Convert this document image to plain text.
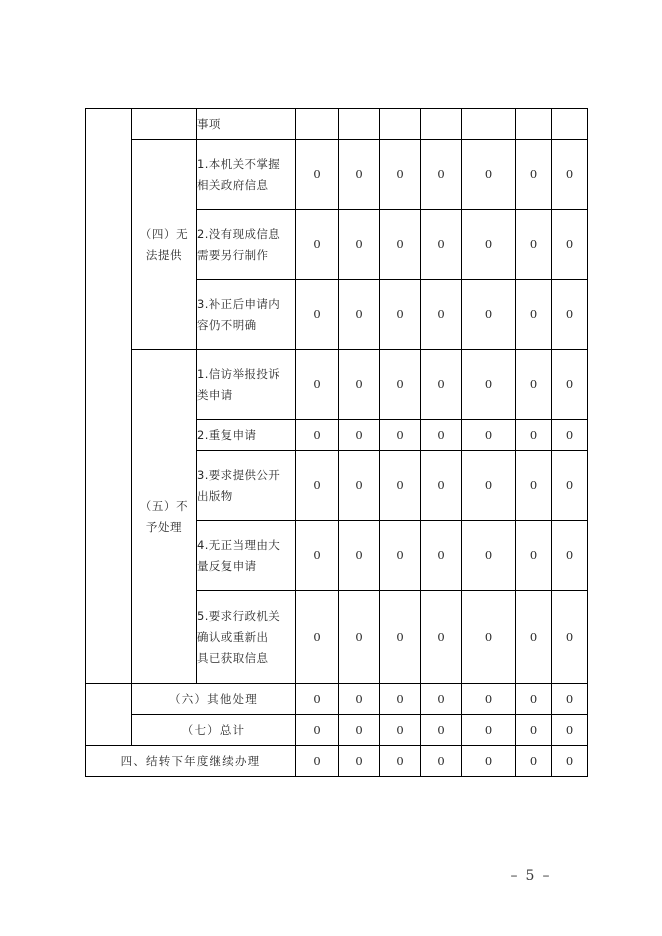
		事项							

（四）无
法提供

1.本机关不掌握
相关政府信息
	0	0	0	0	0	0	0

		2.没有现成信息
需要另行制作	0	0	0	0	0	0	0

		3.补正后申请内
容仍不明确	0	0	0	0	0	0	0

（五）不
予处理

1.信访举报投诉
类申请
	0	0	0	0	0	0	0

		2.重复申请	0	0	0	0	0	0	0

		3.要求提供公开
出版物	0	0	0	0	0	0	0

		4.无正当理由大
量反复申请	0	0	0	0	0	0	0

		5.要求行政机关
确认或重新出
具已获取信息	0	0	0	0	0	0	0
	（六）其他处理		0	0	0	0	0	0	0
	（七）总计		0	0	0	0	0	0	0
四、结转下年度继续办理			0	0	0	0	0	0	0
– 5 –
